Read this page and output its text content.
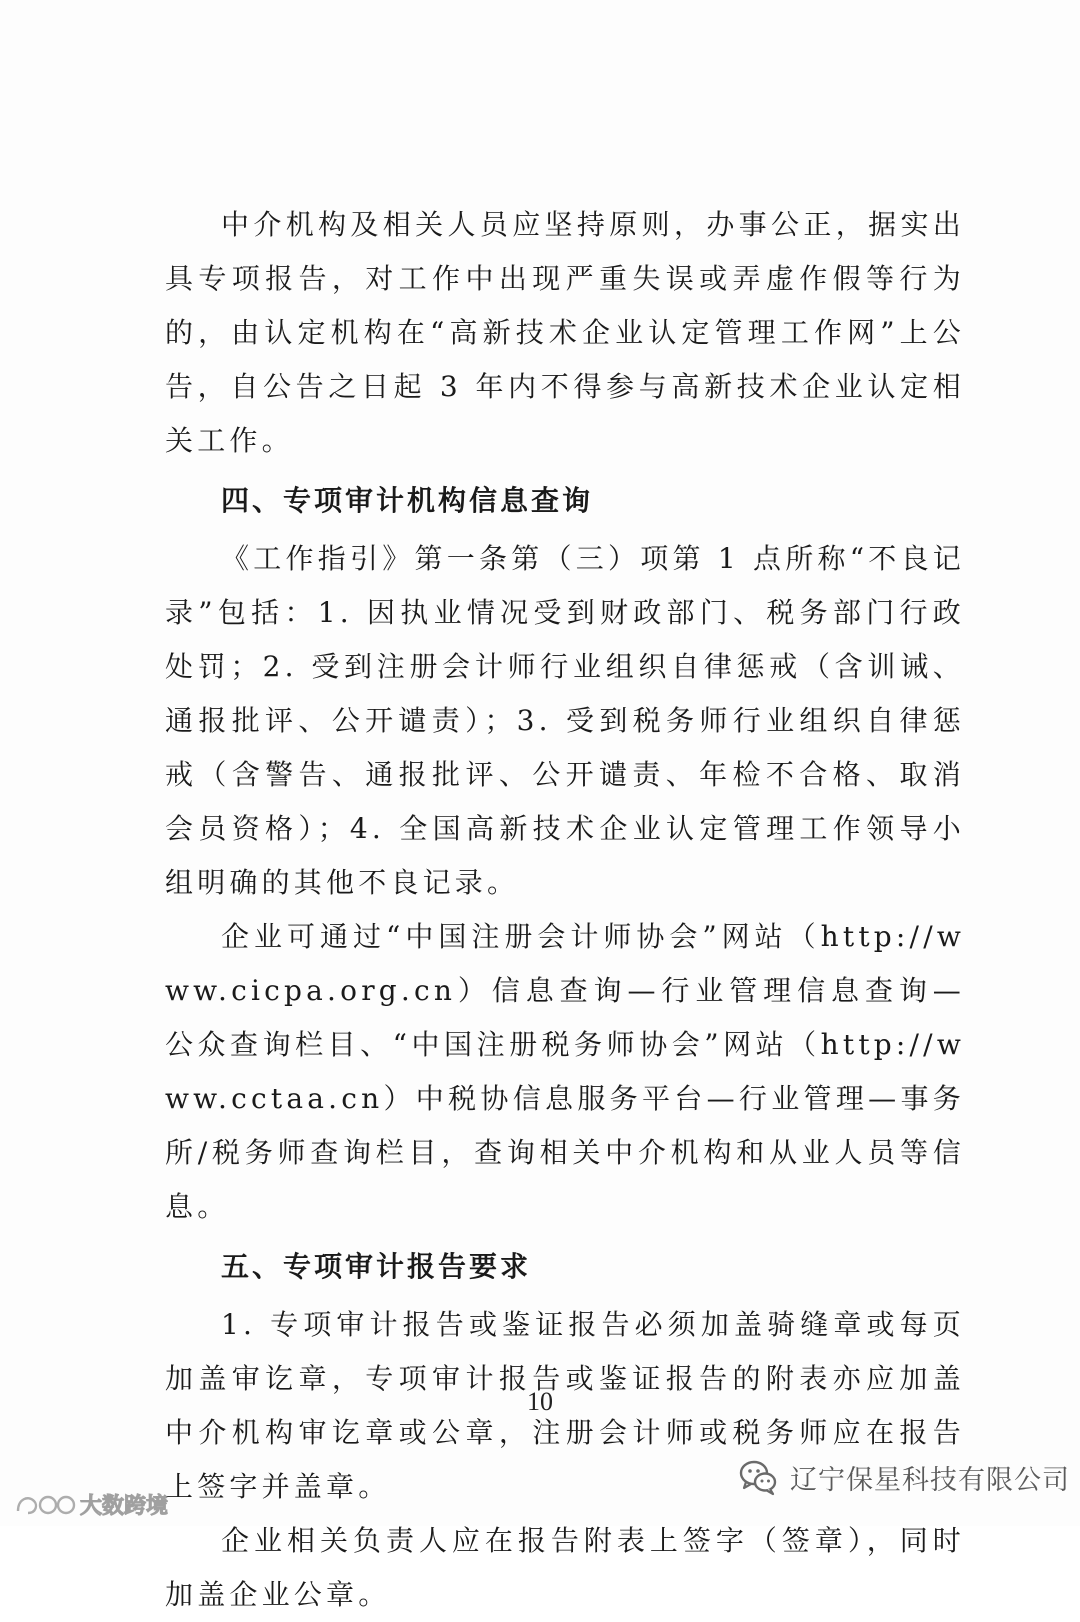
中介机构及相关人员应坚持原则，办事公正，据实出具专项报告，对工作中出现严重失误或弄虚作假等行为的，由认定机构在“高新技术企业认定管理工作网”上公告，自公告之日起 3 年内不得参与高新技术企业认定相关工作。

四、专项审计机构信息查询

《工作指引》第一条第（三）项第 1 点所称“不良记录”包括：1. 因执业情况受到财政部门、税务部门行政处罚；2. 受到注册会计师行业组织自律惩戒（含训诫、通报批评、公开谴责）；3. 受到税务师行业组织自律惩戒（含警告、通报批评、公开谴责、年检不合格、取消会员资格）；4. 全国高新技术企业认定管理工作领导小组明确的其他不良记录。

企业可通过“中国注册会计师协会”网站（http://www.cicpa.org.cn）信息查询—行业管理信息查询—公众查询栏目、“中国注册税务师协会”网站（http://www.cctaa.cn）中税协信息服务平台—行业管理—事务所/税务师查询栏目，查询相关中介机构和从业人员等信息。

五、专项审计报告要求

1. 专项审计报告或鉴证报告必须加盖骑缝章或每页加盖审讫章，专项审计报告或鉴证报告的附表亦应加盖中介机构审讫章或公章，注册会计师或税务师应在报告上签字并盖章。

企业相关负责人应在报告附表上签字（签章），同时加盖企业公章。

10
辽宁保星科技有限公司
大数跨境
